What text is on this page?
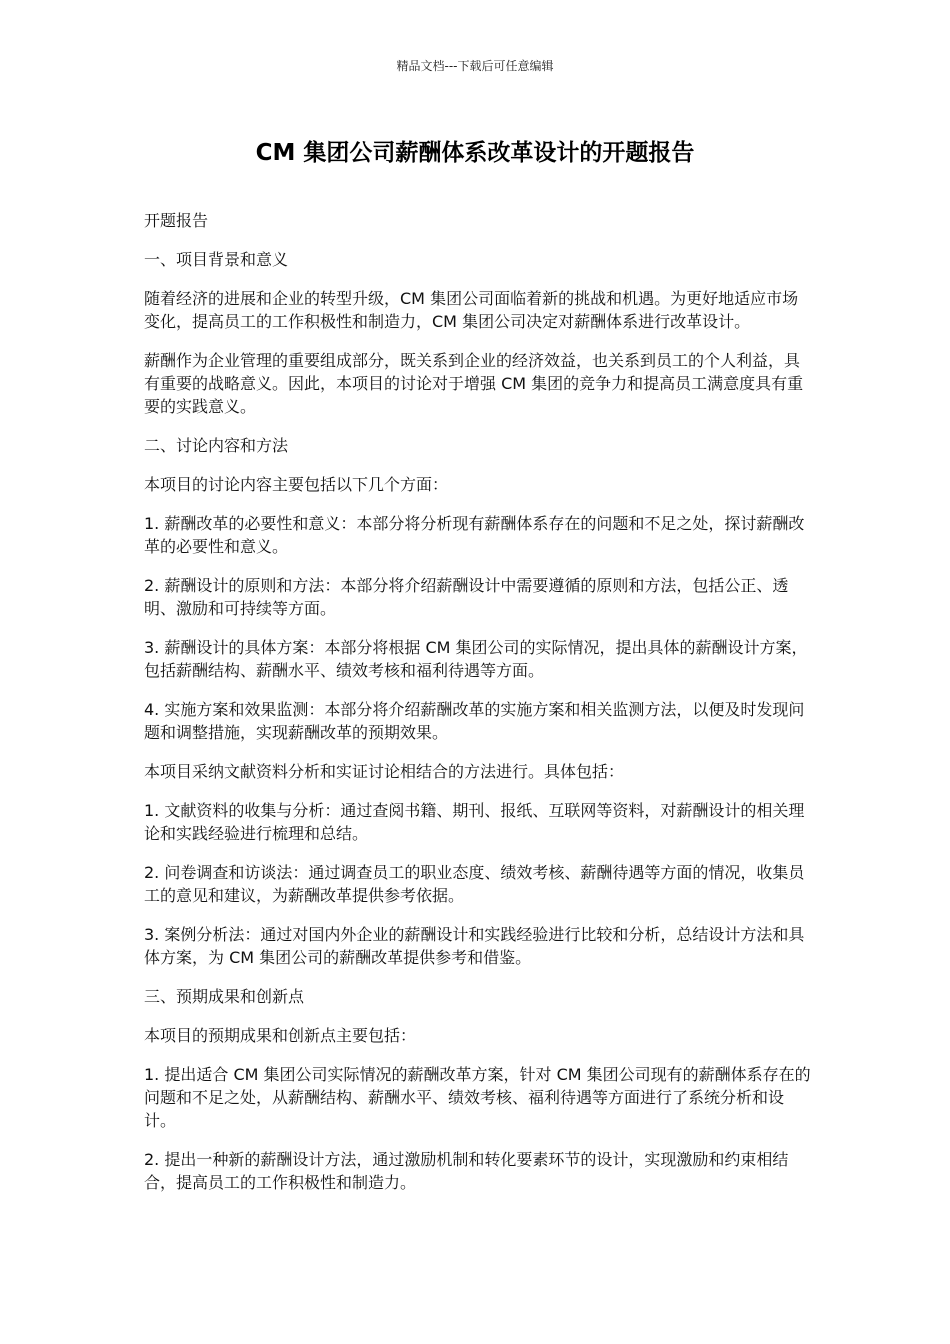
精品文档---下载后可任意编辑
CM 集团公司薪酬体系改革设计的开题报告

开题报告

一、项目背景和意义

随着经济的进展和企业的转型升级，CM 集团公司面临着新的挑战和机遇。为更好地适应市场变化，提高员工的工作积极性和制造力，CM 集团公司决定对薪酬体系进行改革设计。

薪酬作为企业管理的重要组成部分，既关系到企业的经济效益，也关系到员工的个人利益，具有重要的战略意义。因此，本项目的讨论对于增强 CM 集团的竞争力和提高员工满意度具有重要的实践意义。

二、讨论内容和方法

本项目的讨论内容主要包括以下几个方面：

1. 薪酬改革的必要性和意义：本部分将分析现有薪酬体系存在的问题和不足之处，探讨薪酬改革的必要性和意义。

2. 薪酬设计的原则和方法：本部分将介绍薪酬设计中需要遵循的原则和方法，包括公正、透明、激励和可持续等方面。

3. 薪酬设计的具体方案：本部分将根据 CM 集团公司的实际情况，提出具体的薪酬设计方案，包括薪酬结构、薪酬水平、绩效考核和福利待遇等方面。

4. 实施方案和效果监测：本部分将介绍薪酬改革的实施方案和相关监测方法，以便及时发现问题和调整措施，实现薪酬改革的预期效果。

本项目采纳文献资料分析和实证讨论相结合的方法进行。具体包括：

1. 文献资料的收集与分析：通过查阅书籍、期刊、报纸、互联网等资料，对薪酬设计的相关理论和实践经验进行梳理和总结。

2. 问卷调查和访谈法：通过调查员工的职业态度、绩效考核、薪酬待遇等方面的情况，收集员工的意见和建议，为薪酬改革提供参考依据。

3. 案例分析法：通过对国内外企业的薪酬设计和实践经验进行比较和分析，总结设计方法和具体方案，为 CM 集团公司的薪酬改革提供参考和借鉴。

三、预期成果和创新点

本项目的预期成果和创新点主要包括：

1. 提出适合 CM 集团公司实际情况的薪酬改革方案，针对 CM 集团公司现有的薪酬体系存在的问题和不足之处，从薪酬结构、薪酬水平、绩效考核、福利待遇等方面进行了系统分析和设计。

2. 提出一种新的薪酬设计方法，通过激励机制和转化要素环节的设计，实现激励和约束相结合，提高员工的工作积极性和制造力。
